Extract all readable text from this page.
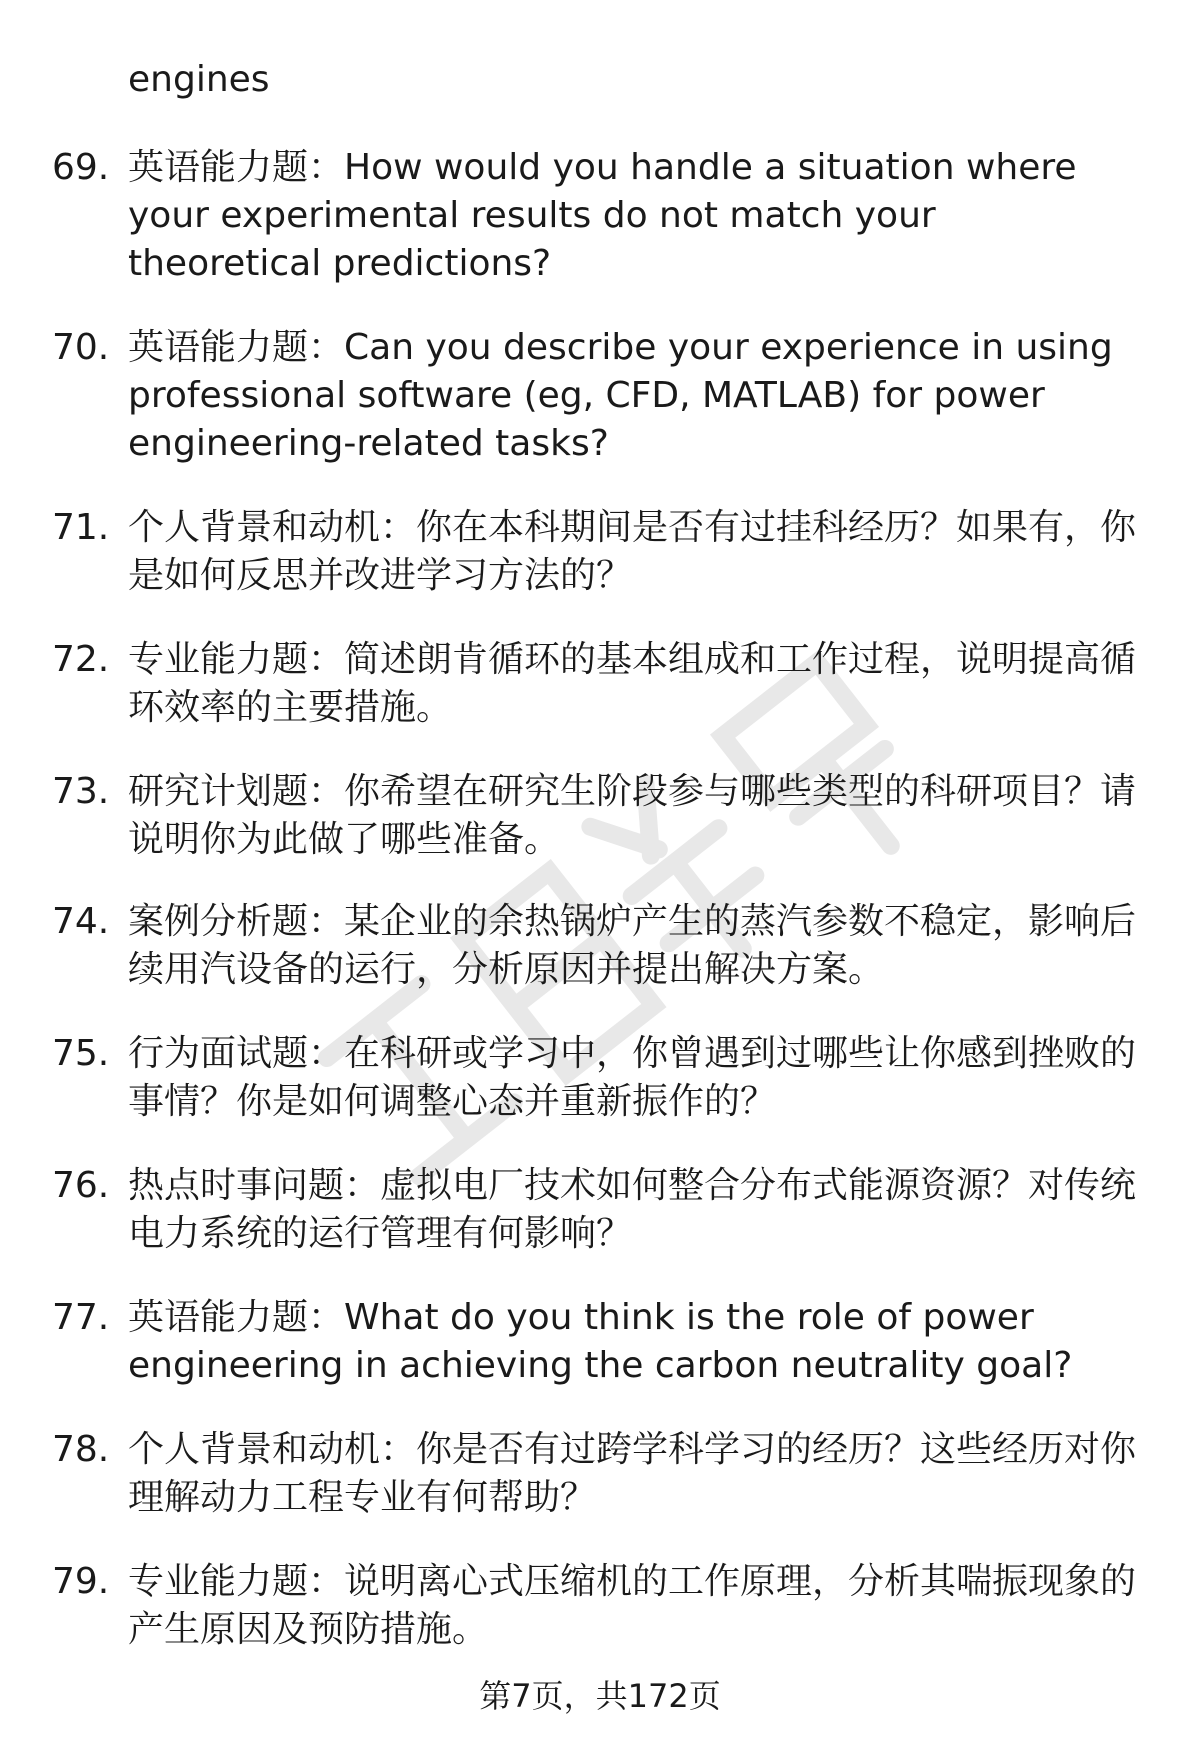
engines

69. 英语能力题：How would you handle a situation where your experimental results do not match your theoretical predictions?
70. 英语能力题：Can you describe your experience in using professional software (eg, CFD, MATLAB) for power engineering-related tasks?
71. 个人背景和动机：你在本科期间是否有过挂科经历？如果有，你是如何反思并改进学习方法的？
72. 专业能力题：简述朗肯循环的基本组成和工作过程，说明提高循环效率的主要措施。
73. 研究计划题：你希望在研究生阶段参与哪些类型的科研项目？请说明你为此做了哪些准备。
74. 案例分析题：某企业的余热锅炉产生的蒸汽参数不稳定，影响后续用汽设备的运行，分析原因并提出解决方案。
75. 行为面试题：在科研或学习中，你曾遇到过哪些让你感到挫败的事情？你是如何调整心态并重新振作的？
76. 热点时事问题：虚拟电厂技术如何整合分布式能源资源？对传统电力系统的运行管理有何影响？
77. 英语能力题：What do you think is the role of power engineering in achieving the carbon neutrality goal?
78. 个人背景和动机：你是否有过跨学科学习的经历？这些经历对你理解动力工程专业有何帮助？
79. 专业能力题：说明离心式压缩机的工作原理，分析其喘振现象的产生原因及预防措施。
第7页，共172页
